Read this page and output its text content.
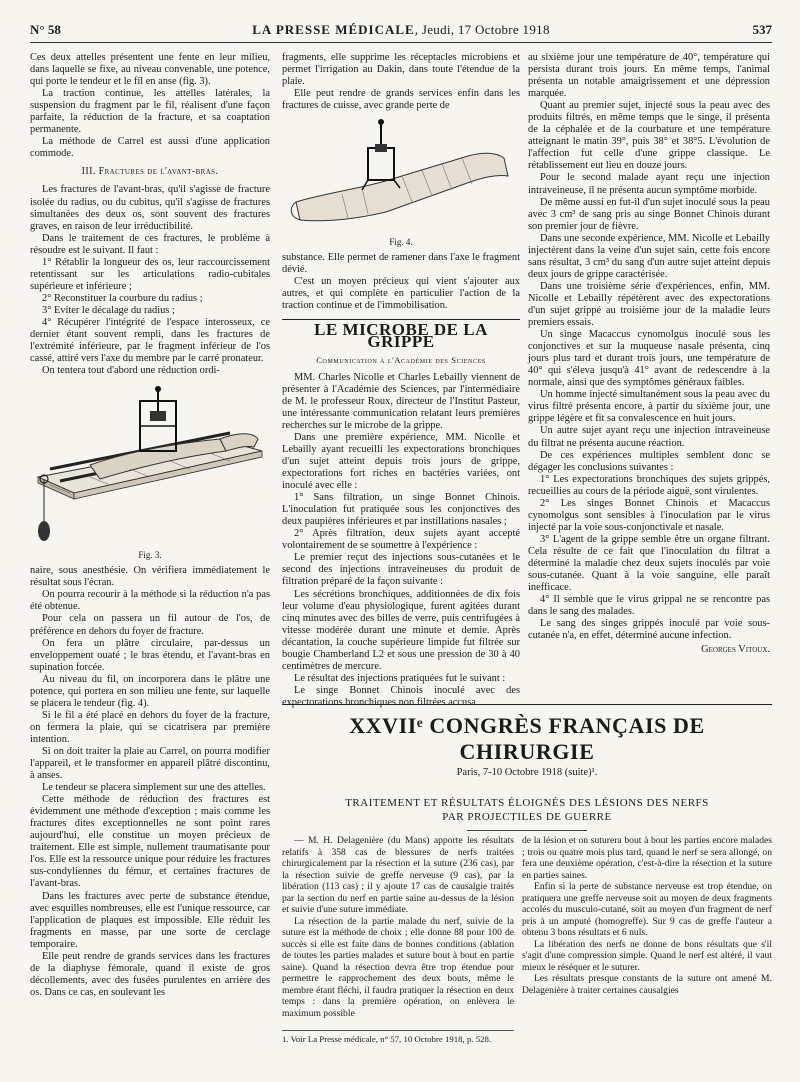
N° 58	LA PRESSE MÉDICALE, Jeudi, 17 Octobre 1918	537

Ces deux attelles présentent une fente en leur milieu, dans laquelle se fixe, au niveau convenable, une potence, qui porte le tendeur et le fil en anse (fig. 3).

La traction continue, les attelles latérales, la suspension du fragment par le fil, réalisent d'une façon parfaite, la réduction de la fracture, et sa coaptation permanente.

La méthode de Carrel est aussi d'une application commode.

III. Fractures de l'avant-bras.

Les fractures de l'avant-bras, qu'il s'agisse de fracture isolée du radius, ou du cubitus, qu'il s'agisse de fractures simultanées des deux os, sont souvent des fractures graves, en raison de leur irréductibilité.

Dans le traitement de ces fractures, le problème à résoudre est le suivant. Il faut :

1° Rétablir la longueur des os, leur raccourcissement retentissant sur les articulations radio-cubitales supérieure et inférieure ;

2° Reconstituer la courbure du radius ;

3° Eviter le décalage du radius ;

4° Récupérer l'intégrité de l'espace interosseux, ce dernier étant souvent rempli, dans les fractures de l'extrémité inférieure, par le fragment inférieur de l'os cassé, attiré vers l'axe du membre par le carré pronateur.

On tentera tout d'abord une réduction ordi-

Fig. 3.

naire, sous anesthésie. On vérifiera immédiatement le résultat sous l'écran.

On pourra recourir à la méthode si la réduction n'a pas été obtenue.

Pour cela on passera un fil autour de l'os, de préférence en dehors du foyer de fracture.

On fera un plâtre circulaire, par-dessus un enveloppement ouaté ; le bras étendu, et l'avant-bras en supination forcée.

Au niveau du fil, on incorporera dans le plâtre une potence, qui portera en son milieu une fente, sur laquelle se placera le tendeur (fig. 4).

Si le fil a été placé en dehors du foyer de la fracture, on fermera la plaie, qui se cicatrisera par première intention.

Si on doit traiter la plaie au Carrel, on pourra modifier l'appareil, et le transformer en appareil plâtré discontinu, à anses.

Le tendeur se placera simplement sur une des attelles.

Cette méthode de réduction des fractures est évidemment une méthode d'exception ; mais comme les fractures dites exceptionnelles ne sont point rares aujourd'hui, elle constitue un moyen précieux de traitement. Elle est simple, nullement traumatisante pour l'os. Elle est la ressource unique pour réduire les fractures sus-condyliennes du fémur, et certaines fractures de l'avant-bras.

Dans les fractures avec perte de substance étendue, avec esquilles nombreuses, elle est l'unique ressource, car l'application de plaques est impossible. Elle réduit les fragments en masse, par une sorte de cerclage temporaire.

Elle peut rendre de grands services dans les fractures de la diaphyse fémorale, quand il existe de gros décollements, avec des fusées purulentes en arrière des os. Dans ce cas, en soulevant les

fragments, elle supprime les réceptacles microbiens et permet l'irrigation au Dakin, dans toute l'étendue de la plaie.

Elle peut rendre de grands services enfin dans les fractures de cuisse, avec grande perte de

Fig. 4.

substance. Elle permet de ramener dans l'axe le fragment dévié.

C'est un moyen précieux qui vient s'ajouter aux autres, et qui complète en particulier l'action de la traction continue et de l'immobilisation.

LE MICROBE DE LA GRIPPE
Communication à l'Académie des Sciences

MM. Charles Nicolle et Charles Lebailly viennent de présenter à l'Académie des Sciences, par l'intermédiaire de M. le professeur Roux, directeur de l'Institut Pasteur, une intéressante communication relatant leurs premières recherches sur le microbe de la grippe.

Dans une première expérience, MM. Nicolle et Lebailly ayant recueilli les expectorations bronchiques d'un sujet atteint depuis trois jours de grippe, expectorations fort riches en bactéries variées, ont inoculé avec elle :

1° Sans filtration, un singe Bonnet Chinois. L'inoculation fut pratiquée sous les conjonctives des deux paupières inférieures et par instillations nasales ;

2° Après filtration, deux sujets ayant accepté volontairement de se soumettre à l'expérience :

Le premier reçut des injections sous-cutanées et le second des injections intraveineuses du produit de filtration préparé de la façon suivante :

Les sécrétions bronchiques, additionnées de dix fois leur volume d'eau physiologique, furent agitées durant cinq minutes avec des billes de verre, puis centrifugées à vitesse modérée durant une minute et demie. Après décantation, la couche supérieure limpide fut filtrée sur bougie Chamberland L2 et sous une pression de 30 à 40 centimètres de mercure.

Le résultat des injections pratiquées fut le suivant :

Le singe Bonnet Chinois inoculé avec des expectorations bronchiques non filtrées accusa

au sixième jour une température de 40°, température qui persista durant trois jours. En même temps, l'animal présenta un notable amaigrissement et une dépression marquée.

Quant au premier sujet, injecté sous la peau avec des produits filtrés, en même temps que le singe, il présenta de la céphalée et de la courbature et une température atteignant le matin 39°, puis 38° et 38°5. L'évolution de l'affection fut celle d'une grippe classique. Le rétablissement eut lieu en douze jours.

Pour le second malade ayant reçu une injection intraveineuse, il ne présenta aucun symptôme morbide.

De même aussi en fut-il d'un sujet inoculé sous la peau avec 3 cm³ de sang pris au singe Bonnet Chinois durant son premier jour de fièvre.

Dans une seconde expérience, MM. Nicolle et Lebailly injectèrent dans la veine d'un sujet sain, cette fois encore sans résultat, 3 cm³ du sang d'un autre sujet atteint depuis deux jours de grippe caractérisée.

Dans une troisième série d'expériences, enfin, MM. Nicolle et Lebailly répétèrent avec des expectorations d'un sujet grippé au troisième jour de la maladie leurs premiers essais.

Un singe Macaccus cynomolgus inoculé sous les conjonctives et sur la muqueuse nasale présenta, cinq jours plus tard et durant trois jours, une température de 40° qui s'éleva jusqu'à 41° avant de redescendre à la normale, ainsi que des symptômes généraux faibles.

Un homme injecté simultanément sous la peau avec du virus filtré présenta encore, à partir du sixième jour, une grippe légère et fit sa convalescence en huit jours.

Un autre sujet ayant reçu une injection intraveineuse du filtrat ne présenta aucune réaction.

De ces expériences multiples semblent donc se dégager les conclusions suivantes :

1° Les expectorations bronchiques des sujets grippés, recueillies au cours de la période aiguë, sont virulentes.

2° Les singes Bonnet Chinois et Macaccus cynomolgus sont sensibles à l'inoculation par le virus injecté par la voie sous-conjonctivale et nasale.

3° L'agent de la grippe semble être un organe filtrant. Cela résulte de ce fait que l'inoculation du filtrat a déterminé la maladie chez deux sujets inoculés par voie sous-cutanée. Quant à la voie sanguine, elle paraît inefficace.

4° Il semble que le virus grippal ne se rencontre pas dans le sang des malades.

Le sang des singes grippés inoculé par voie sous-cutanée n'a, en effet, déterminé aucune infection.

Georges Vitoux.
XXVIIᵉ CONGRÈS FRANÇAIS DE CHIRURGIE
Paris, 7-10 Octobre 1918 (suite)¹.
TRAITEMENT ET RÉSULTATS ÉLOIGNÉS DES LÉSIONS DES NERFS
PAR PROJECTILES DE GUERRE

— M. H. Delagenière (du Mans) apporte les résultats relatifs à 358 cas de blessures de nerfs traitées chirurgicalement par la résection et la suture (236 cas), par la résection suivie de greffe nerveuse (9 cas), par la libération (113 cas) ; il y ajoute 17 cas de causalgie traités par la section du nerf en partie saine au-dessus de la lésion et suivie d'une suture immédiate.

La résection de la partie malade du nerf, suivie de la suture est la méthode de choix ; elle donne 88 pour 100 de succès si elle est faite dans de bonnes conditions (ablation de toutes les parties malades et suture bout à bout en partie saine). Quand la résection devra être trop étendue pour permettre le rapprochement des deux bouts, même le membre étant fléchi, il faudra pratiquer la résection en deux temps : dans la première opération, on enlèvera le maximum possible

de la lésion et on suturera bout à bout les parties encore malades ; trois ou quatre mois plus tard, quand le nerf se sera allongé, on fera une deuxième opération, c'est-à-dire la résection et la suture en parties saines.

Enfin si la perte de substance nerveuse est trop étendue, on pratiquera une greffe nerveuse soit au moyen de deux fragments accolés du musculo-cutané, soit au moyen d'un fragment de nerf pris à un amputé (homogreffe). Sur 9 cas de greffe l'auteur a obtenu 3 bons résultats et 6 nuls.

La libération des nerfs ne donne de bons résultats que s'il s'agit d'une compression simple. Quand le nerf est altéré, il vaut mieux le réséquer et le suturer.

Les résultats presque constants de la suture ont amené M. Delagenière à traiter certaines causalgies

1. Voir La Presse médicale, n° 57, 10 Octobre 1918, p. 528.
